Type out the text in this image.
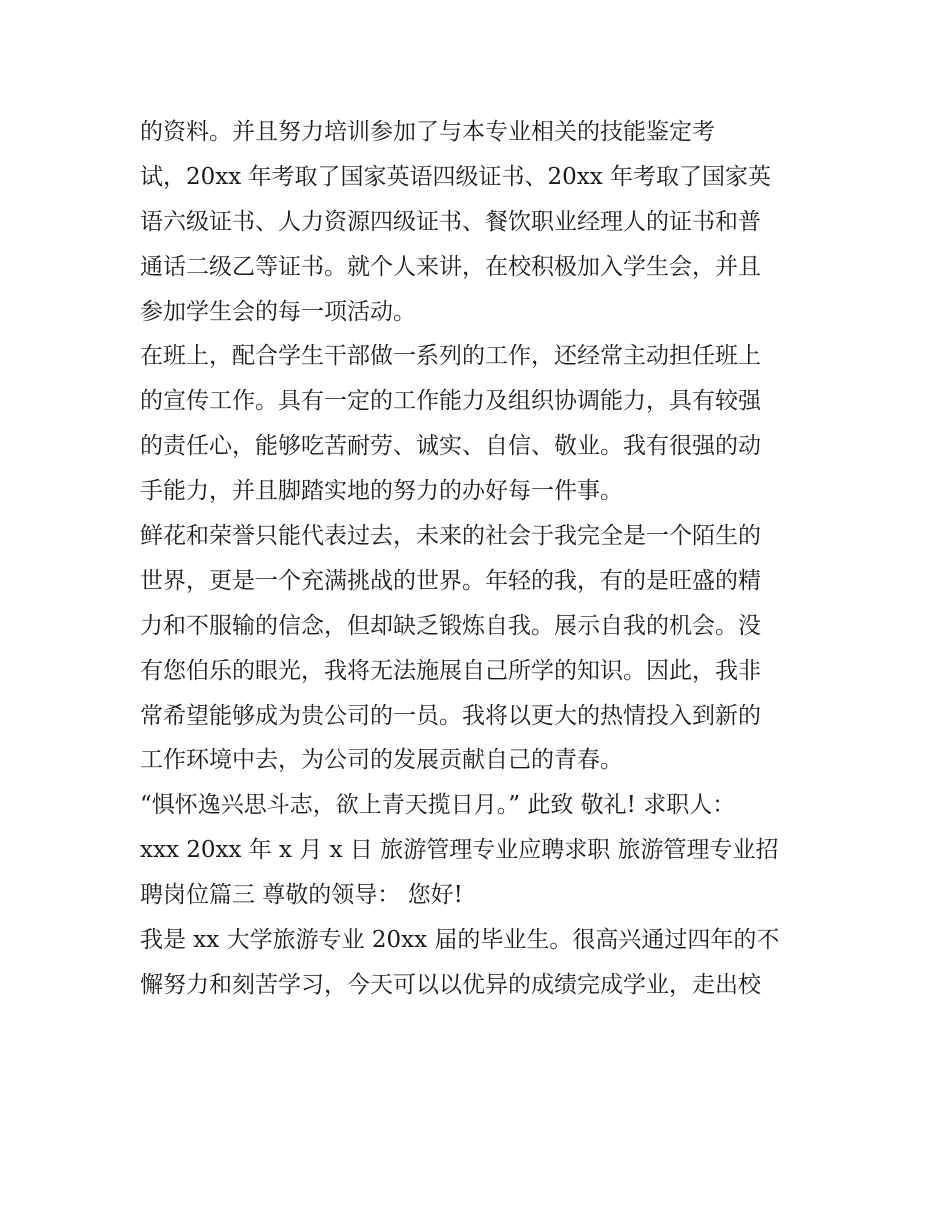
的资料。并且努力培训参加了与本专业相关的技能鉴定考
试，20xx 年考取了国家英语四级证书、20xx 年考取了国家英
语六级证书、人力资源四级证书、餐饮职业经理人的证书和普
通话二级乙等证书。就个人来讲，在校积极加入学生会，并且
参加学生会的每一项活动。
在班上，配合学生干部做一系列的工作，还经常主动担任班上
的宣传工作。具有一定的工作能力及组织协调能力，具有较强
的责任心，能够吃苦耐劳、诚实、自信、敬业。我有很强的动
手能力，并且脚踏实地的努力的办好每一件事。
鲜花和荣誉只能代表过去，未来的社会于我完全是一个陌生的
世界，更是一个充满挑战的世界。年轻的我，有的是旺盛的精
力和不服输的信念，但却缺乏锻炼自我。展示自我的机会。没
有您伯乐的眼光，我将无法施展自己所学的知识。因此，我非
常希望能够成为贵公司的一员。我将以更大的热情投入到新的
工作环境中去，为公司的发展贡献自己的青春。
“惧怀逸兴思斗志，欲上青天揽日月。” 此致 敬礼! 求职人：
xxx 20xx 年 x 月 x 日 旅游管理专业应聘求职 旅游管理专业招
聘岗位篇三 尊敬的领导： 您好!
我是 xx 大学旅游专业 20xx 届的毕业生。很高兴通过四年的不
懈努力和刻苦学习，今天可以以优异的成绩完成学业，走出校
